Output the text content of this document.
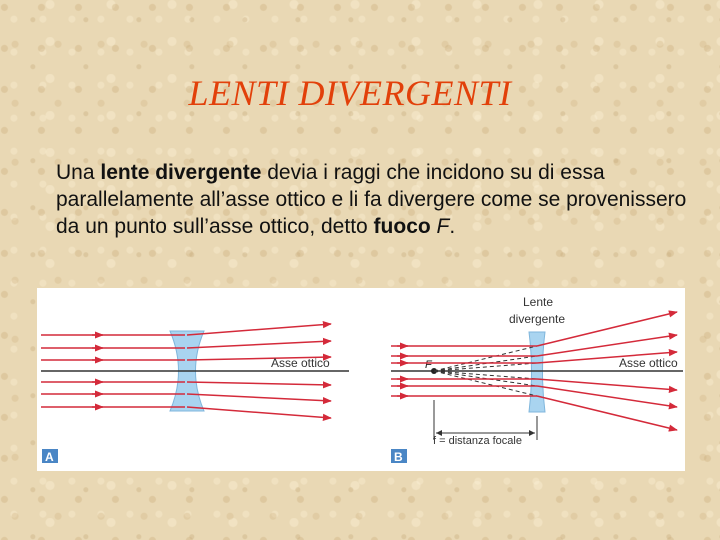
LENTI DIVERGENTI

Una lente divergente devia i raggi che incidono su di essa parallelamente all’asse ottico e li fa divergere come se provenissero da un punto sull’asse ottico, detto fuoco F.

Asse ottico
A
Lente
divergente
F	Asse ottico
f = distanza focale
B
